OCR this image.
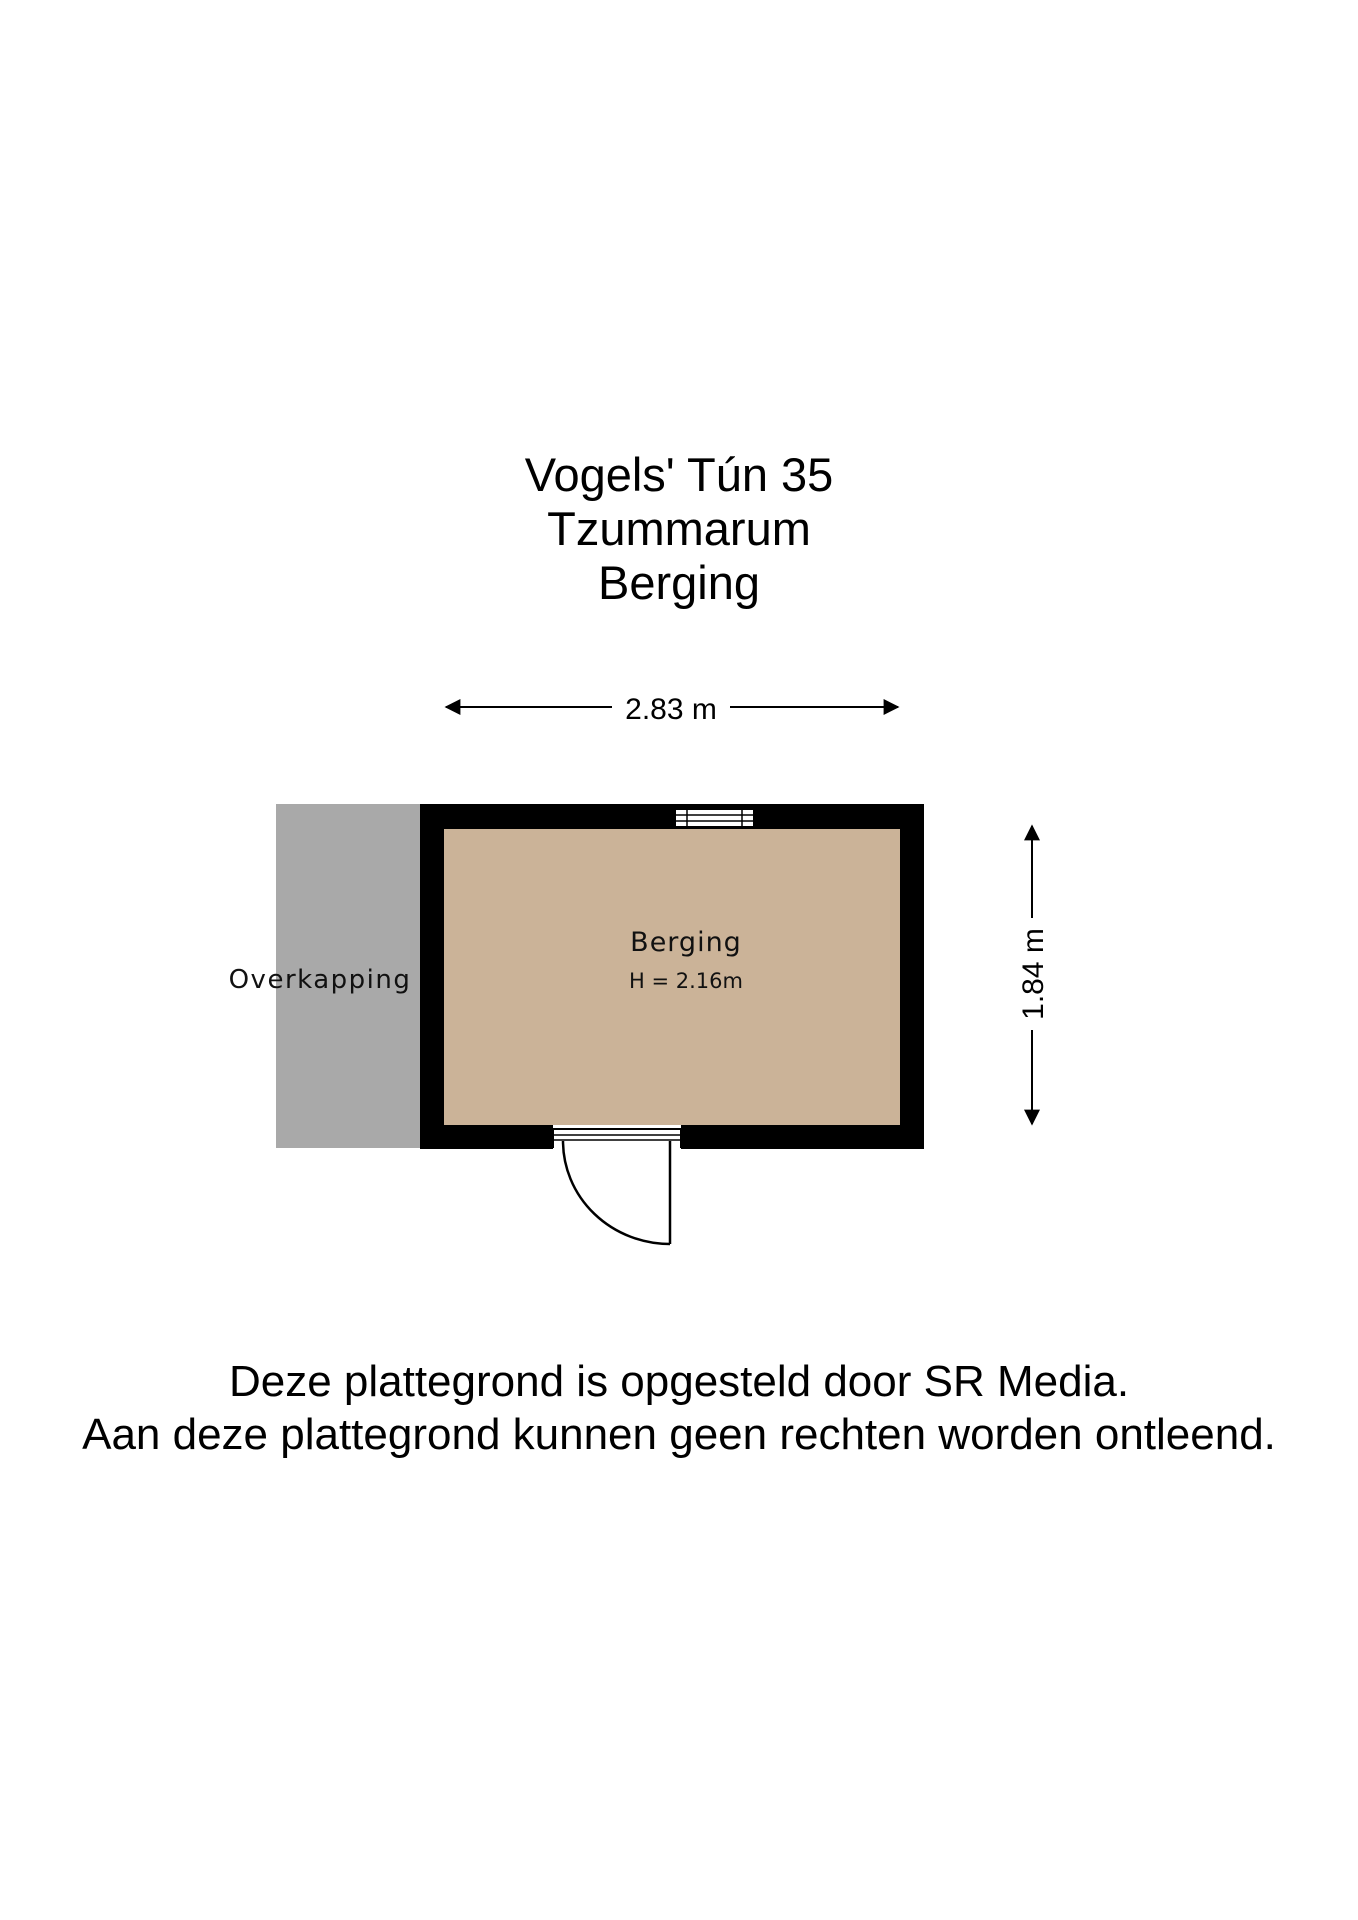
Vogels' Tún 35
Tzummarum
Berging
2.83 m
1.84 m
Berging
H = 2.16m
Overkapping
Deze plattegrond is opgesteld door SR Media.
Aan deze plattegrond kunnen geen rechten worden ontleend.
